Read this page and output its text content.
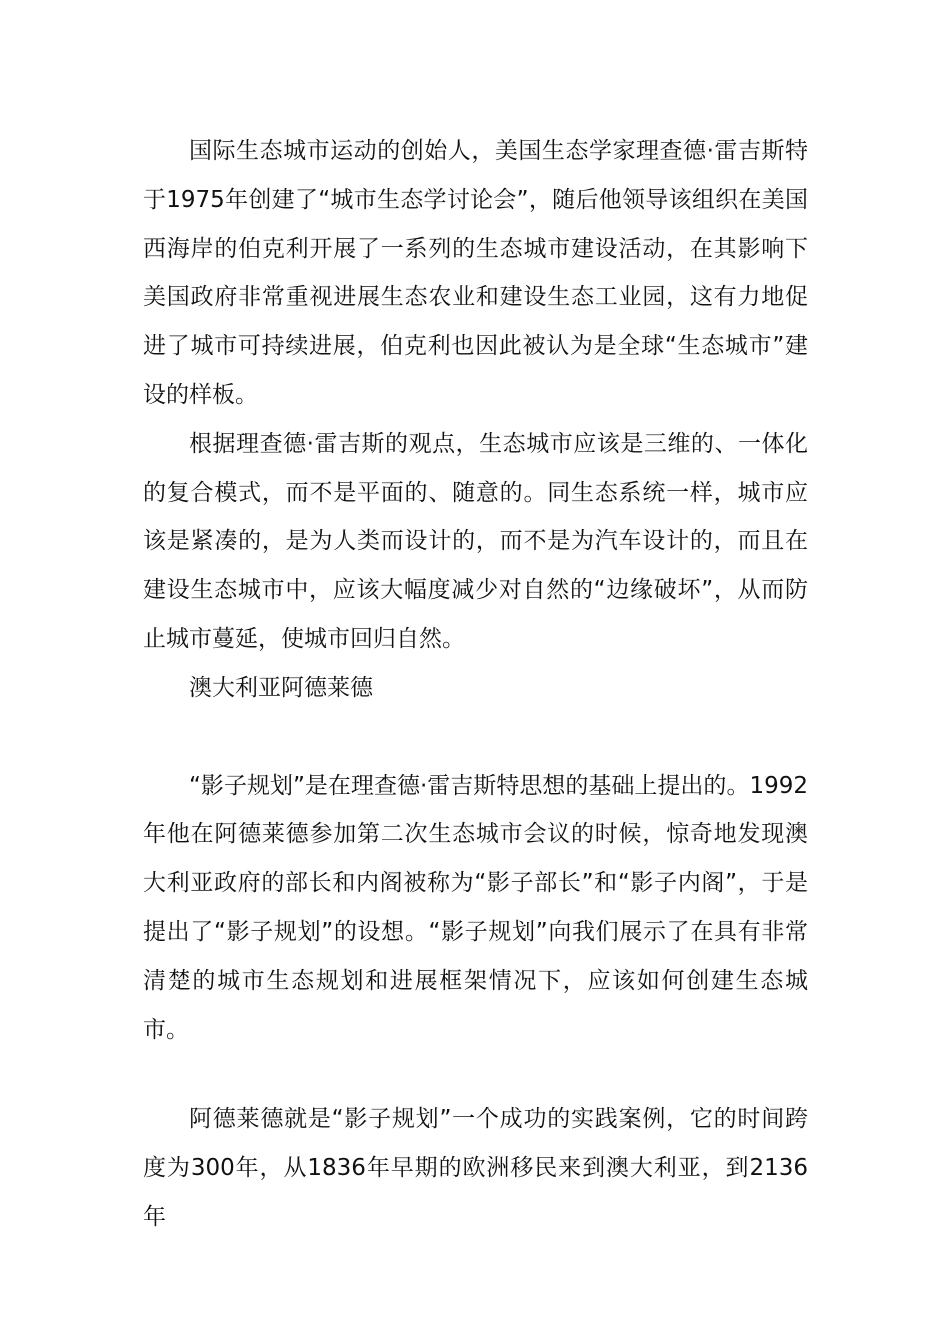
国际生态城市运动的创始人，美国生态学家理查德·雷吉斯特于1975年创建了“城市生态学讨论会”，随后他领导该组织在美国西海岸的伯克利开展了一系列的生态城市建设活动，在其影响下美国政府非常重视进展生态农业和建设生态工业园，这有力地促进了城市可持续进展，伯克利也因此被认为是全球“生态城市”建设的样板。

根据理查德·雷吉斯的观点，生态城市应该是三维的、一体化的复合模式，而不是平面的、随意的。同生态系统一样，城市应该是紧凑的，是为人类而设计的，而不是为汽车设计的，而且在建设生态城市中，应该大幅度减少对自然的“边缘破坏”，从而防止城市蔓延，使城市回归自然。

澳大利亚阿德莱德

“影子规划”是在理查德·雷吉斯特思想的基础上提出的。1992年他在阿德莱德参加第二次生态城市会议的时候，惊奇地发现澳大利亚政府的部长和内阁被称为“影子部长”和“影子内阁”，于是提出了“影子规划”的设想。“影子规划”向我们展示了在具有非常清楚的城市生态规划和进展框架情况下，应该如何创建生态城市。

阿德莱德就是“影子规划”一个成功的实践案例，它的时间跨度为300年，从1836年早期的欧洲移民来到澳大利亚，到2136年
